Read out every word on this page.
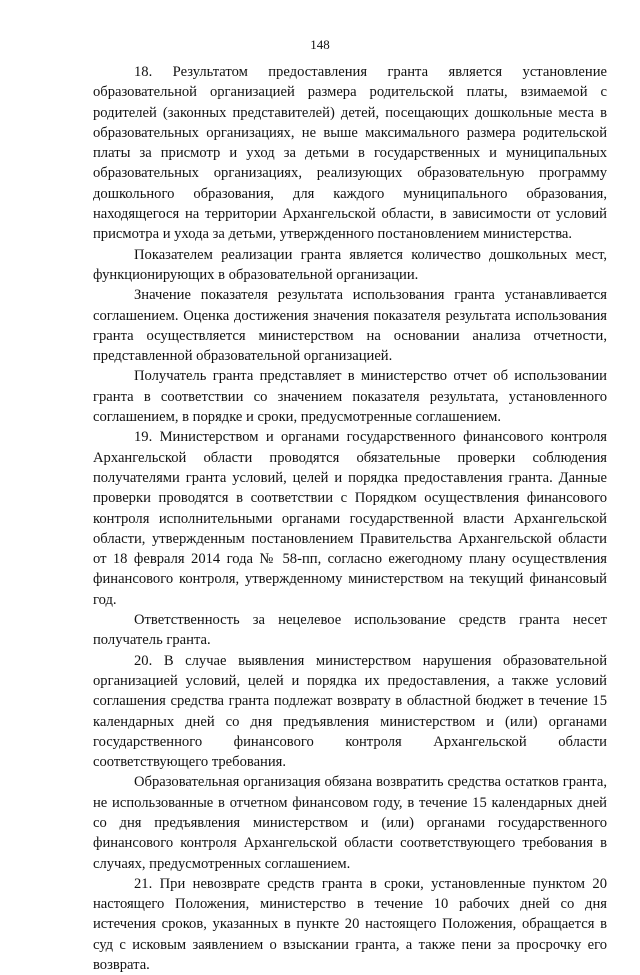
148

18. Результатом предоставления гранта является установление образовательной организацией размера родительской платы, взимаемой с родителей (законных представителей) детей, посещающих дошкольные места в образовательных организациях, не выше максимального размера родительской платы за присмотр и уход за детьми в государственных и муниципальных образовательных организациях, реализующих образовательную программу дошкольного образования, для каждого муниципального образования, находящегося на территории Архангельской области, в зависимости от условий присмотра и ухода за детьми, утвержденного постановлением министерства.

Показателем реализации гранта является количество дошкольных мест, функционирующих в образовательной организации.

Значение показателя результата использования гранта устанавливается соглашением. Оценка достижения значения показателя результата использования гранта осуществляется министерством на основании анализа отчетности, представленной образовательной организацией.

Получатель гранта представляет в министерство отчет об использовании гранта в соответствии со значением показателя результата, установленного соглашением, в порядке и сроки, предусмотренные соглашением.

19. Министерством и органами государственного финансового контроля Архангельской области проводятся обязательные проверки соблюдения получателями гранта условий, целей и порядка предоставления гранта. Данные проверки проводятся в соответствии с Порядком осуществления финансового контроля исполнительными органами государственной власти Архангельской области, утвержденным постановлением Правительства Архангельской области от 18 февраля 2014 года № 58-пп, согласно ежегодному плану осуществления финансового контроля, утвержденному министерством на текущий финансовый год.

Ответственность за нецелевое использование средств гранта несет получатель гранта.

20. В случае выявления министерством нарушения образовательной организацией условий, целей и порядка их предоставления, а также условий соглашения средства гранта подлежат возврату в областной бюджет в течение 15 календарных дней со дня предъявления министерством и (или) органами государственного финансового контроля Архангельской области соответствующего требования.

Образовательная организация обязана возвратить средства остатков гранта, не использованные в отчетном финансовом году, в течение 15 календарных дней со дня предъявления министерством и (или) органами государственного финансового контроля Архангельской области соответствующего требования в случаях, предусмотренных соглашением.

21. При невозврате средств гранта в сроки, установленные пунктом 20 настоящего Положения, министерство в течение 10 рабочих дней со дня истечения сроков, указанных в пункте 20 настоящего Положения, обращается в суд с исковым заявлением о взыскании гранта, а также пени за просрочку его возврата.
